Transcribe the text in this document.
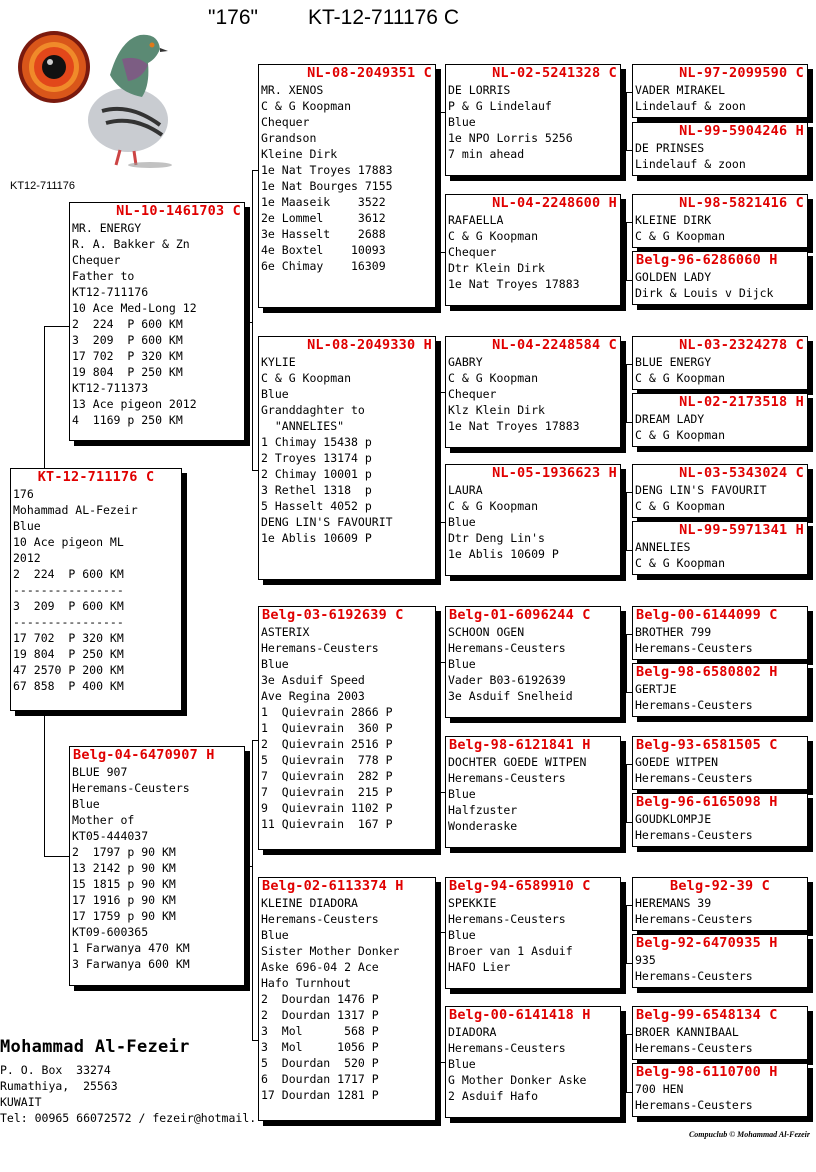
"176" KT-12-711176 C
KT12-711176
KT-12-711176 C
176
Mohammad AL-Fezeir
Blue
10 Ace pigeon ML
2012
2  224  P 600 KM
----------------
3  209  P 600 KM
----------------
17 702  P 320 KM
19 804  P 250 KM
47 2570 P 200 KM
67 858  P 400 KM
NL-10-1461703 C
MR. ENERGY
R. A. Bakker & Zn
Chequer
Father to
KT12-711176
10 Ace Med-Long 12
2  224  P 600 KM
3  209  P 600 KM
17 702  P 320 KM
19 804  P 250 KM
KT12-711373
13 Ace pigeon 2012
4  1169 p 250 KM
Belg-04-6470907 H
BLUE 907
Heremans-Ceusters
Blue
Mother of
KT05-444037
2  1797 p 90 KM
13 2142 p 90 KM
15 1815 p 90 KM
17 1916 p 90 KM
17 1759 p 90 KM
KT09-600365
1 Farwanya 470 KM
3 Farwanya 600 KM
NL-08-2049351 C
MR. XENOS
C & G Koopman
Chequer
Grandson
Kleine Dirk
1e Nat Troyes 17883
1e Nat Bourges 7155
1e Maaseik    3522
2e Lommel     3612
3e Hasselt    2688
4e Boxtel    10093
6e Chimay    16309
NL-08-2049330 H
KYLIE
C & G Koopman
Blue
Granddaghter to
"ANNELIES"
1 Chimay 15438 p
2 Troyes 13174 p
2 Chimay 10001 p
3 Rethel 1318  p
5 Hasselt 4052 p
DENG LIN'S FAVOURIT
1e Ablis 10609 P
Belg-03-6192639 C
ASTERIX
Heremans-Ceusters
Blue
3e Asduif Speed
Ave Regina 2003
1  Quievrain 2866 P
1  Quievrain  360 P
2  Quievrain 2516 P
5  Quievrain  778 P
7  Quievrain  282 P
7  Quievrain  215 P
9  Quievrain 1102 P
11 Quievrain  167 P
Belg-02-6113374 H
KLEINE DIADORA
Heremans-Ceusters
Blue
Sister Mother Donker
Aske 696-04 2 Ace
Hafo Turnhout
2  Dourdan 1476 P
2  Dourdan 1317 P
3  Mol      568 P
3  Mol     1056 P
5  Dourdan  520 P
6  Dourdan 1717 P
17 Dourdan 1281 P
NL-02-5241328 C
DE LORRIS
P & G Lindelauf
Blue
1e NPO Lorris 5256
7 min ahead
NL-04-2248600 H
RAFAELLA
C & G Koopman
Chequer
Dtr Klein Dirk
1e Nat Troyes 17883
NL-04-2248584 C
GABRY
C & G Koopman
Chequer
Klz Klein Dirk
1e Nat Troyes 17883
NL-05-1936623 H
LAURA
C & G Koopman
Blue
Dtr Deng Lin's
1e Ablis 10609 P
Belg-01-6096244 C
SCHOON OGEN
Heremans-Ceusters
Blue
Vader B03-6192639
3e Asduif Snelheid
Belg-98-6121841 H
DOCHTER GOEDE WITPEN
Heremans-Ceusters
Blue
Halfzuster
Wonderaske
Belg-94-6589910 C
SPEKKIE
Heremans-Ceusters
Blue
Broer van 1 Asduif
HAFO Lier
Belg-00-6141418 H
DIADORA
Heremans-Ceusters
Blue
G Mother Donker Aske
2 Asduif Hafo
NL-97-2099590 C
VADER MIRAKEL
Lindelauf & zoon
NL-99-5904246 H
DE PRINSES
Lindelauf & zoon
NL-98-5821416 C
KLEINE DIRK
C & G Koopman
Belg-96-6286060 H
GOLDEN LADY
Dirk & Louis v Dijck
NL-03-2324278 C
BLUE ENERGY
C & G Koopman
NL-02-2173518 H
DREAM LADY
C & G Koopman
NL-03-5343024 C
DENG LIN'S FAVOURIT
C & G Koopman
NL-99-5971341 H
ANNELIES
C & G Koopman
Belg-00-6144099 C
BROTHER 799
Heremans-Ceusters
Belg-98-6580802 H
GERTJE
Heremans-Ceusters
Belg-93-6581505 C
GOEDE WITPEN
Heremans-Ceusters
Belg-96-6165098 H
GOUDKLOMPJE
Heremans-Ceusters
Belg-92-39 C
HEREMANS 39
Heremans-Ceusters
Belg-92-6470935 H
935
Heremans-Ceusters
Belg-99-6548134 C
BROER KANNIBAAL
Heremans-Ceusters
Belg-98-6110700 H
700 HEN
Heremans-Ceusters
Mohammad Al-Fezeir
P. O. Box  33274
Rumathiya,  25563
KUWAIT
Tel: 00965 66072572 / fezeir@hotmail.
Compuclub © Mohammad Al-Fezeir
